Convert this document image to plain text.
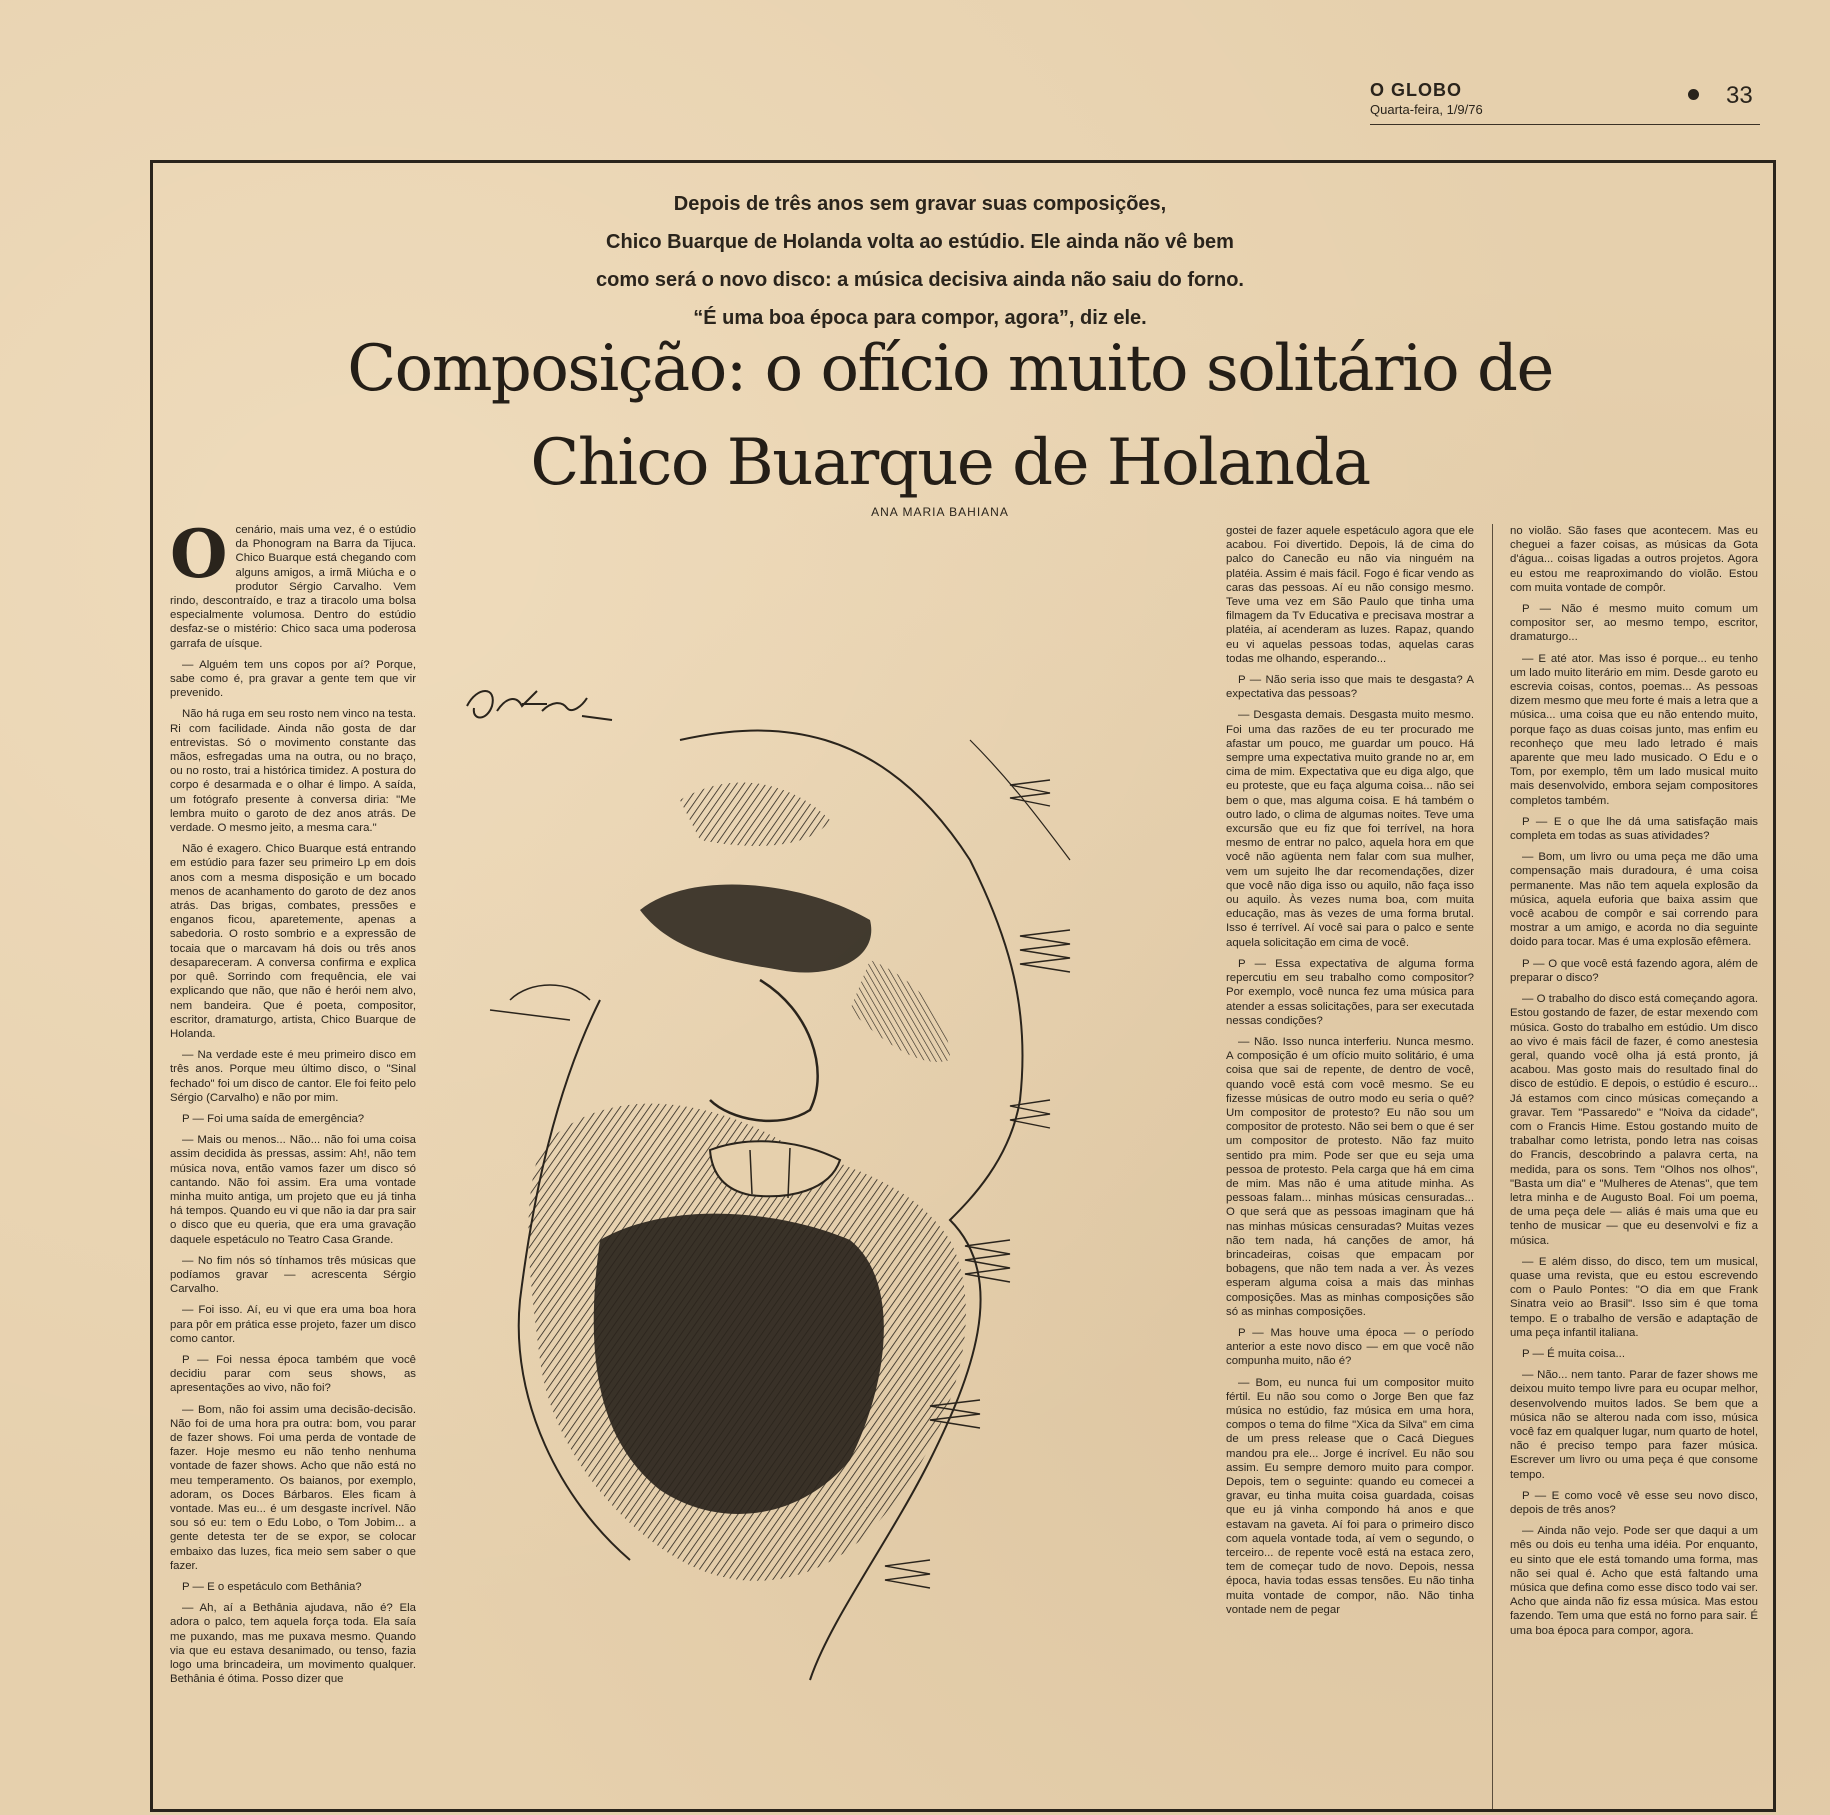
O GLOBO
Quarta-feira, 1/9/76
33
Depois de três anos sem gravar suas composições,
Chico Buarque de Holanda volta ao estúdio. Ele ainda não vê bem
como será o novo disco: a música decisiva ainda não saiu do forno.
“É uma boa época para compor, agora”, diz ele.
Composição: o ofício muito solitário de
Chico Buarque de Holanda
ANA MARIA BAHIANA

Ocenário, mais uma vez, é o estúdio da Phonogram na Barra da Tijuca. Chico Buarque está chegando com alguns amigos, a irmã Miúcha e o produtor Sérgio Carvalho. Vem rindo, descontraído, e traz a tiracolo uma bolsa especialmente volumosa. Dentro do estúdio desfaz-se o mistério: Chico saca uma poderosa garrafa de uísque.

— Alguém tem uns copos por aí? Porque, sabe como é, pra gravar a gente tem que vir prevenido.

Não há ruga em seu rosto nem vinco na testa. Ri com facilidade. Ainda não gosta de dar entrevistas. Só o movimento constante das mãos, esfregadas uma na outra, ou no braço, ou no rosto, trai a histórica timidez. A postura do corpo é desarmada e o olhar é limpo. A saída, um fotógrafo presente à conversa diria: "Me lembra muito o garoto de dez anos atrás. De verdade. O mesmo jeito, a mesma cara."

Não é exagero. Chico Buarque está entrando em estúdio para fazer seu primeiro Lp em dois anos com a mesma disposição e um bocado menos de acanhamento do garoto de dez anos atrás. Das brigas, combates, pressões e enganos ficou, aparetemente, apenas a sabedoria. O rosto sombrio e a expressão de tocaia que o marcavam há dois ou três anos desapareceram. A conversa confirma e explica por quê. Sorrindo com frequência, ele vai explicando que não, que não é herói nem alvo, nem bandeira. Que é poeta, compositor, escritor, dramaturgo, artista, Chico Buarque de Holanda.

— Na verdade este é meu primeiro disco em três anos. Porque meu último disco, o "Sinal fechado" foi um disco de cantor. Ele foi feito pelo Sérgio (Carvalho) e não por mim.

P — Foi uma saída de emergência?

— Mais ou menos... Não... não foi uma coisa assim decidida às pressas, assim: Ah!, não tem música nova, então vamos fazer um disco só cantando. Não foi assim. Era uma vontade minha muito antiga, um projeto que eu já tinha há tempos. Quando eu vi que não ia dar pra sair o disco que eu queria, que era uma gravação daquele espetáculo no Teatro Casa Grande.

— No fim nós só tínhamos três músicas que podíamos gravar — acrescenta Sérgio Carvalho.

— Foi isso. Aí, eu vi que era uma boa hora para pôr em prática esse projeto, fazer um disco como cantor.

P — Foi nessa época também que você decidiu parar com seus shows, as apresentações ao vivo, não foi?

— Bom, não foi assim uma decisão-decisão. Não foi de uma hora pra outra: bom, vou parar de fazer shows. Foi uma perda de vontade de fazer. Hoje mesmo eu não tenho nenhuma vontade de fazer shows. Acho que não está no meu temperamento. Os baianos, por exemplo, adoram, os Doces Bárbaros. Eles ficam à vontade. Mas eu... é um desgaste incrível. Não sou só eu: tem o Edu Lobo, o Tom Jobim... a gente detesta ter de se expor, se colocar embaixo das luzes, fica meio sem saber o que fazer.

P — E o espetáculo com Bethânia?

— Ah, aí a Bethânia ajudava, não é? Ela adora o palco, tem aquela força toda. Ela saía me puxando, mas me puxava mesmo. Quando via que eu estava desanimado, ou tenso, fazia logo uma brincadeira, um movimento qualquer. Bethânia é ótima. Posso dizer que

gostei de fazer aquele espetáculo agora que ele acabou. Foi divertido. Depois, lá de cima do palco do Canecão eu não via ninguém na platéia. Assim é mais fácil. Fogo é ficar vendo as caras das pessoas. Aí eu não consigo mesmo. Teve uma vez em São Paulo que tinha uma filmagem da Tv Educativa e precisava mostrar a platéia, aí acenderam as luzes. Rapaz, quando eu vi aquelas pessoas todas, aquelas caras todas me olhando, esperando...

P — Não seria isso que mais te desgasta? A expectativa das pessoas?

— Desgasta demais. Desgasta muito mesmo. Foi uma das razões de eu ter procurado me afastar um pouco, me guardar um pouco. Há sempre uma expectativa muito grande no ar, em cima de mim. Expectativa que eu diga algo, que eu proteste, que eu faça alguma coisa... não sei bem o que, mas alguma coisa. E há também o outro lado, o clima de algumas noites. Teve uma excursão que eu fiz que foi terrível, na hora mesmo de entrar no palco, aquela hora em que você não agüenta nem falar com sua mulher, vem um sujeito lhe dar recomendações, dizer que você não diga isso ou aquilo, não faça isso ou aquilo. Às vezes numa boa, com muita educação, mas às vezes de uma forma brutal. Isso é terrível. Aí você sai para o palco e sente aquela solicitação em cima de você.

P — Essa expectativa de alguma forma repercutiu em seu trabalho como compositor? Por exemplo, você nunca fez uma música para atender a essas solicitações, para ser executada nessas condições?

— Não. Isso nunca interferiu. Nunca mesmo. A composição é um ofício muito solitário, é uma coisa que sai de repente, de dentro de você, quando você está com você mesmo. Se eu fizesse músicas de outro modo eu seria o quê? Um compositor de protesto? Eu não sou um compositor de protesto. Não sei bem o que é ser um compositor de protesto. Não faz muito sentido pra mim. Pode ser que eu seja uma pessoa de protesto. Pela carga que há em cima de mim. Mas não é uma atitude minha. As pessoas falam... minhas músicas censuradas... O que será que as pessoas imaginam que há nas minhas músicas censuradas? Muitas vezes não tem nada, há canções de amor, há brincadeiras, coisas que empacam por bobagens, que não tem nada a ver. Às vezes esperam alguma coisa a mais das minhas composições. Mas as minhas composições são só as minhas composições.

P — Mas houve uma época — o período anterior a este novo disco — em que você não compunha muito, não é?

— Bom, eu nunca fui um compositor muito fértil. Eu não sou como o Jorge Ben que faz música no estúdio, faz música em uma hora, compos o tema do filme "Xica da Silva" em cima de um press release que o Cacá Diegues mandou pra ele... Jorge é incrível. Eu não sou assim. Eu sempre demoro muito para compor. Depois, tem o seguinte: quando eu comecei a gravar, eu tinha muita coisa guardada, coisas que eu já vinha compondo há anos e que estavam na gaveta. Aí foi para o primeiro disco com aquela vontade toda, aí vem o segundo, o terceiro... de repente você está na estaca zero, tem de começar tudo de novo. Depois, nessa época, havia todas essas tensões. Eu não tinha muita vontade de compor, não. Não tinha vontade nem de pegar

no violão. São fases que acontecem. Mas eu cheguei a fazer coisas, as músicas da Gota d'água... coisas ligadas a outros projetos. Agora eu estou me reaproximando do violão. Estou com muita vontade de compôr.

P — Não é mesmo muito comum um compositor ser, ao mesmo tempo, escritor, dramaturgo...

— E até ator. Mas isso é porque... eu tenho um lado muito literário em mim. Desde garoto eu escrevia coisas, contos, poemas... As pessoas dizem mesmo que meu forte é mais a letra que a música... uma coisa que eu não entendo muito, porque faço as duas coisas junto, mas enfim eu reconheço que meu lado letrado é mais aparente que meu lado musicado. O Edu e o Tom, por exemplo, têm um lado musical muito mais desenvolvido, embora sejam compositores completos também.

P — E o que lhe dá uma satisfação mais completa em todas as suas atividades?

— Bom, um livro ou uma peça me dão uma compensação mais duradoura, é uma coisa permanente. Mas não tem aquela explosão da música, aquela euforia que baixa assim que você acabou de compôr e sai correndo para mostrar a um amigo, e acorda no dia seguinte doido para tocar. Mas é uma explosão efêmera.

P — O que você está fazendo agora, além de preparar o disco?

— O trabalho do disco está começando agora. Estou gostando de fazer, de estar mexendo com música. Gosto do trabalho em estúdio. Um disco ao vivo é mais fácil de fazer, é como anestesia geral, quando você olha já está pronto, já acabou. Mas gosto mais do resultado final do disco de estúdio. E depois, o estúdio é escuro... Já estamos com cinco músicas começando a gravar. Tem "Passaredo" e "Noiva da cidade", com o Francis Hime. Estou gostando muito de trabalhar como letrista, pondo letra nas coisas do Francis, descobrindo a palavra certa, na medida, para os sons. Tem "Olhos nos olhos", "Basta um dia" e "Mulheres de Atenas", que tem letra minha e de Augusto Boal. Foi um poema, de uma peça dele — aliás é mais uma que eu tenho de musicar — que eu desenvolvi e fiz a música.

— E além disso, do disco, tem um musical, quase uma revista, que eu estou escrevendo com o Paulo Pontes: "O dia em que Frank Sinatra veio ao Brasil". Isso sim é que toma tempo. E o trabalho de versão e adaptação de uma peça infantil italiana.

P — É muita coisa...

— Não... nem tanto. Parar de fazer shows me deixou muito tempo livre para eu ocupar melhor, desenvolvendo muitos lados. Se bem que a música não se alterou nada com isso, música você faz em qualquer lugar, num quarto de hotel, não é preciso tempo para fazer música. Escrever um livro ou uma peça é que consome tempo.

P — E como você vê esse seu novo disco, depois de três anos?

— Ainda não vejo. Pode ser que daqui a um mês ou dois eu tenha uma idéia. Por enquanto, eu sinto que ele está tomando uma forma, mas não sei qual é. Acho que está faltando uma música que defina como esse disco todo vai ser. Acho que ainda não fiz essa música. Mas estou fazendo. Tem uma que está no forno para sair. É uma boa época para compor, agora.
